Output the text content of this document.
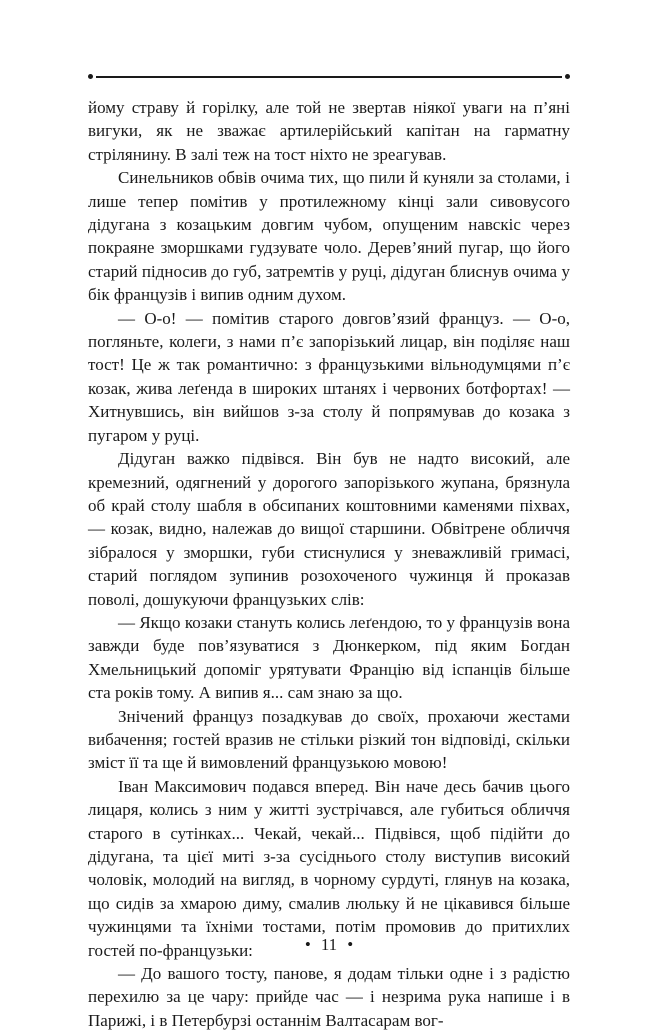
йому страву й горілку, але той не звертав ніякої уваги на п’яні вигуки, як не зважає артилерійський капітан на гарматну стрілянину. В залі теж на тост ніхто не зреагував.

Синельников обвів очима тих, що пили й куняли за столами, і лише тепер помітив у протилежному кінці зали сивовусого дідугана з козацьким довгим чубом, опущеним навскіс через покраяне зморшками гудзувате чоло. Дерев’яний пугар, що його старий підносив до губ, затремтів у руці, дідуган блиснув очима у бік французів і випив одним духом.

— О-о! — помітив старого довгов’язий француз. — О-о, погляньте, колеги, з нами п’є запорізький лицар, він поділяє наш тост! Це ж так романтично: з французькими вільнодумцями п’є козак, жива леґенда в широких штанях і червоних ботфортах! — Хитнувшись, він вийшов з-за столу й попрямував до козака з пугаром у руці.

Дідуган важко підвівся. Він був не надто високий, але кремезний, одягнений у дорогого запорізького жупана, брязнула об край столу шабля в обсипаних коштовними каменями піхвах, — козак, видно, належав до вищої старшини. Обвітрене обличчя зібралося у зморшки, губи стиснулися у зневажливій гримасі, старий поглядом зупинив розохоченого чужинця й проказав поволі, дошукуючи французьких слів:

— Якщо козаки стануть колись леґендою, то у французів вона завжди буде пов’язуватися з Дюнкерком, під яким Богдан Хмельницький допоміг урятувати Францію від іспанців більше ста років тому. А випив я... сам знаю за що.

Знічений француз позадкував до своїх, прохаючи жестами вибачення; гостей вразив не стільки різкий тон відповіді, скільки зміст її та ще й вимовлений французькою мовою!

Іван Максимович подався вперед. Він наче десь бачив цього лицаря, колись з ним у житті зустрічався, але губиться обличчя старого в сутінках... Чекай, чекай... Підвівся, щоб підійти до дідугана, та цієї миті з-за сусіднього столу виступив високий чоловік, молодий на вигляд, в чорному сурдуті, глянув на козака, що сидів за хмарою диму, смалив люльку й не цікавився більше чужинцями та їхніми тостами, потім промовив до притихлих гостей по-французьки:

— До вашого тосту, панове, я додам тільки одне і з радістю перехилю за це чару: прийде час — і незрима рука напише і в Парижі, і в Петербурзі останнім Валтасарам вог-

• 11 •
